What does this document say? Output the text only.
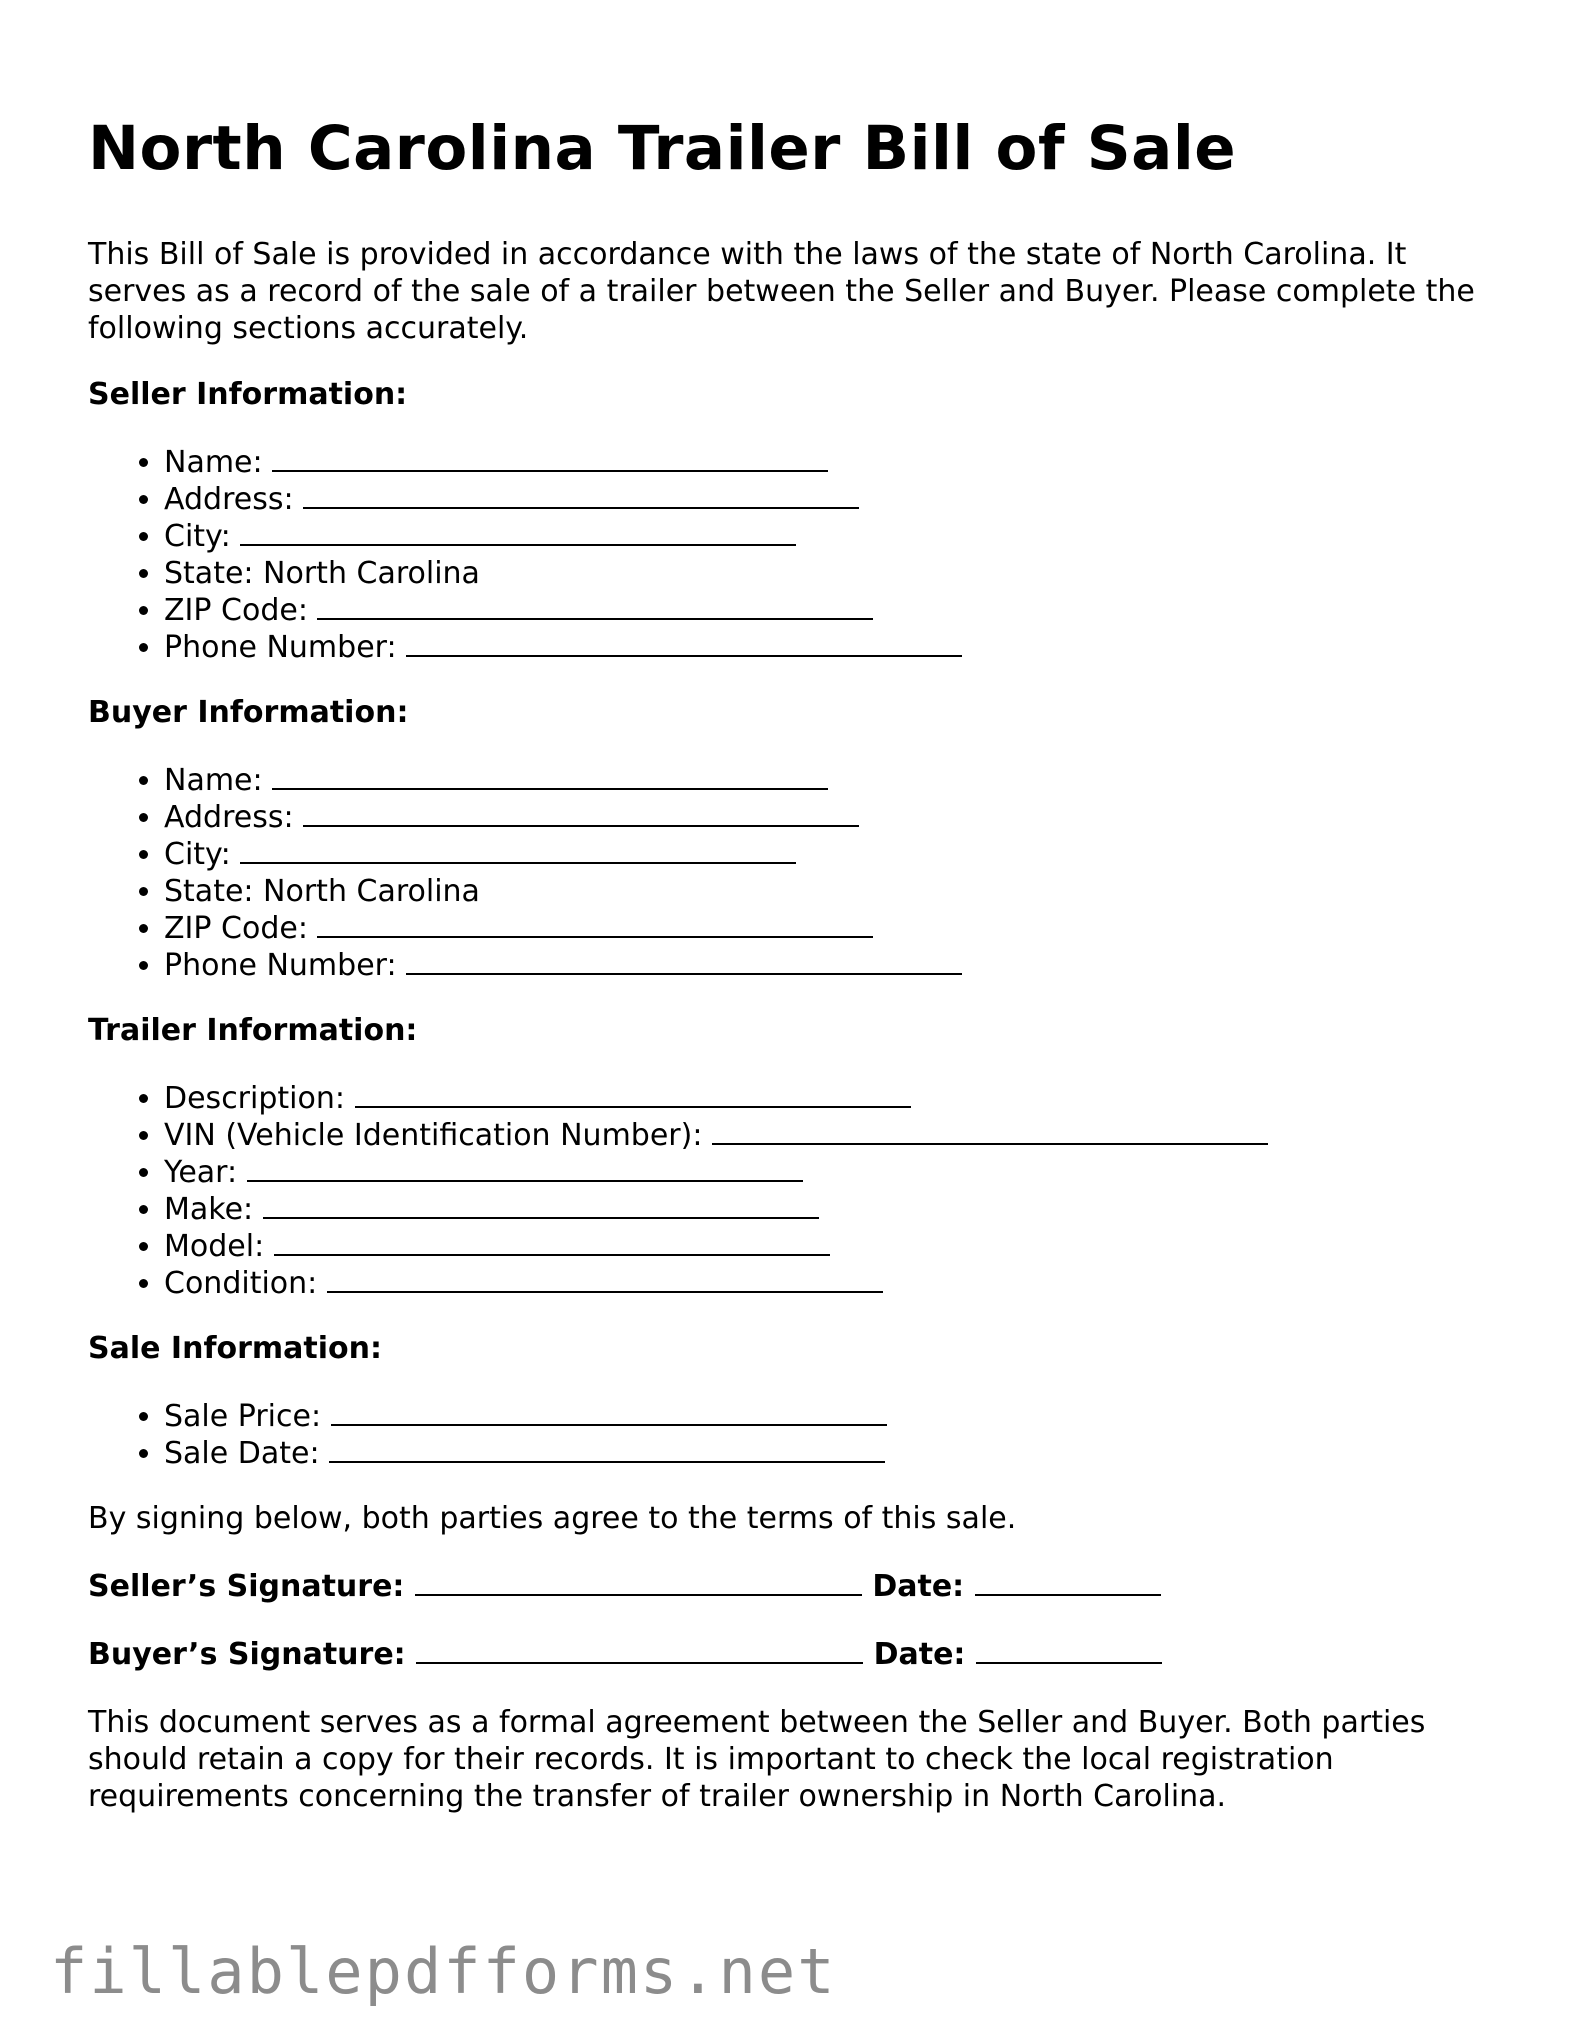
North Carolina Trailer Bill of Sale

This Bill of Sale is provided in accordance with the laws of the state of North Carolina. It serves as a record of the sale of a trailer between the Seller and Buyer. Please complete the following sections accurately.

Seller Information:
• Name:
• Address:
• City:
• State: North Carolina
• ZIP Code:
• Phone Number:
Buyer Information:
• Name:
• Address:
• City:
• State: North Carolina
• ZIP Code:
• Phone Number:
Trailer Information:
• Description:
• VIN (Vehicle Identification Number):
• Year:
• Make:
• Model:
• Condition:
Sale Information:
• Sale Price:
• Sale Date:

By signing below, both parties agree to the terms of this sale.

Seller’s Signature:	Date:
Buyer’s Signature:	Date:

This document serves as a formal agreement between the Seller and Buyer. Both parties should retain a copy for their records. It is important to check the local registration requirements concerning the transfer of trailer ownership in North Carolina.

fillablepdfforms.net
